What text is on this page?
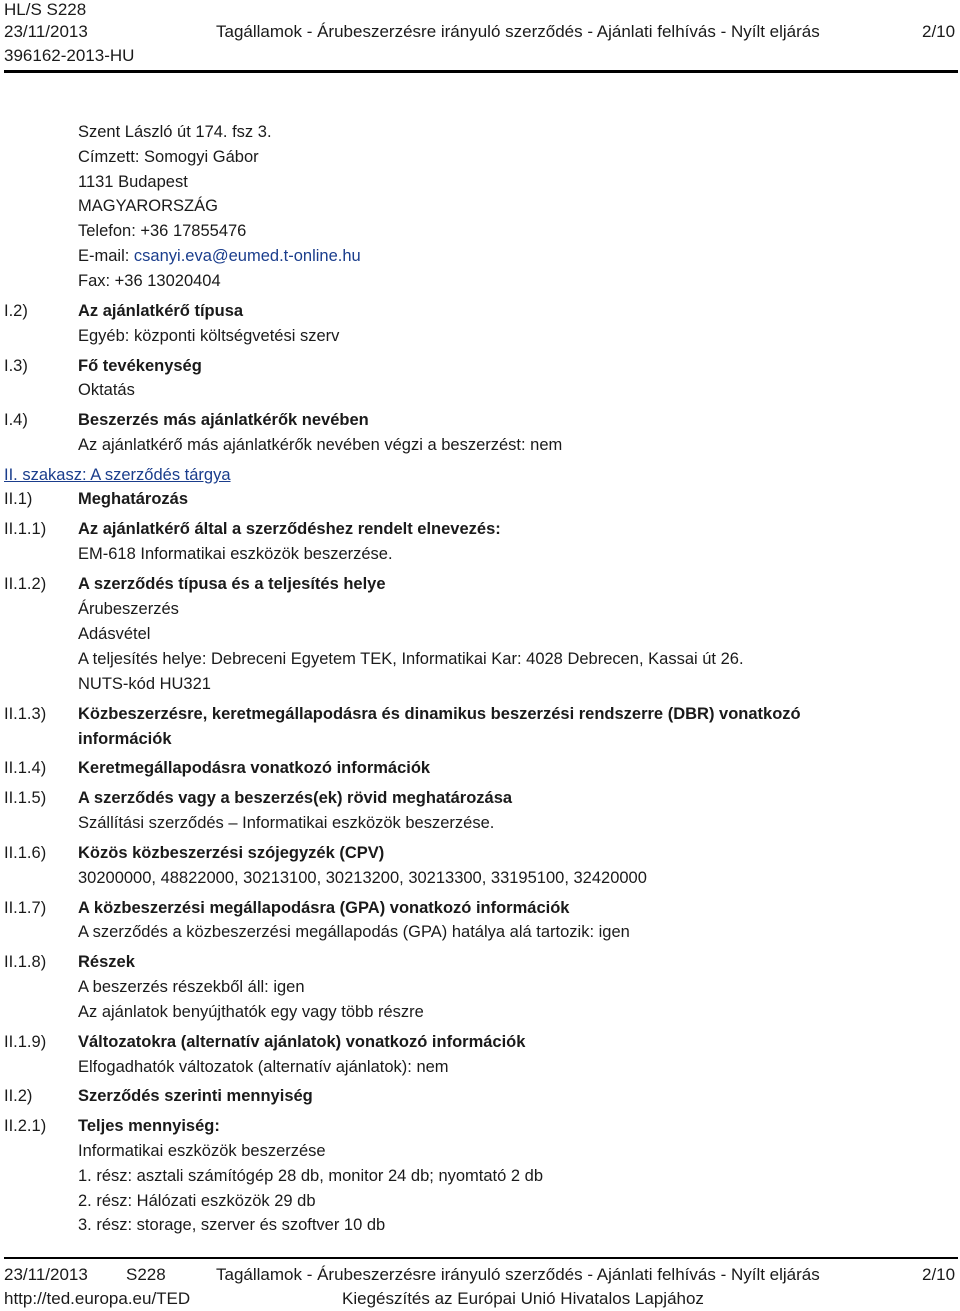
HL/S S228
23/11/2013	Tagállamok - Árubeszerzésre irányuló szerződés - Ajánlati felhívás - Nyílt eljárás	2/10
396162-2013-HU
Szent László út 174. fsz 3.
Címzett: Somogyi Gábor
1131 Budapest
MAGYARORSZÁG
Telefon: +36 17855476
E-mail: csanyi.eva@eumed.t-online.hu
Fax: +36 13020404
I.2)	Az ajánlatkérő típusa
Egyéb: központi költségvetési szerv
I.3)	Fő tevékenység
Oktatás
I.4)	Beszerzés más ajánlatkérők nevében
Az ajánlatkérő más ajánlatkérők nevében végzi a beszerzést: nem
II. szakasz: A szerződés tárgya
II.1)	Meghatározás
II.1.1) Az ajánlatkérő által a szerződéshez rendelt elnevezés:
EM-618 Informatikai eszközök beszerzése.
II.1.2) A szerződés típusa és a teljesítés helye
Árubeszerzés
Adásvétel
A teljesítés helye: Debreceni Egyetem TEK, Informatikai Kar: 4028 Debrecen, Kassai út 26.
NUTS-kód HU321
II.1.3) Közbeszerzésre, keretmegállapodásra és dinamikus beszerzési rendszerre (DBR) vonatkozó
információk
II.1.4) Keretmegállapodásra vonatkozó információk
II.1.5) A szerződés vagy a beszerzés(ek) rövid meghatározása
Szállítási szerződés – Informatikai eszközök beszerzése.
II.1.6) Közös közbeszerzési szójegyzék (CPV)
30200000, 48822000, 30213100, 30213200, 30213300, 33195100, 32420000
II.1.7) A közbeszerzési megállapodásra (GPA) vonatkozó információk
A szerződés a közbeszerzési megállapodás (GPA) hatálya alá tartozik: igen
II.1.8) Részek
A beszerzés részekből áll: igen
Az ajánlatok benyújthatók egy vagy több részre
II.1.9) Változatokra (alternatív ajánlatok) vonatkozó információk
Elfogadhatók változatok (alternatív ajánlatok): nem
II.2)	Szerződés szerinti mennyiség
II.2.1) Teljes mennyiség:
Informatikai eszközök beszerzése
1. rész: asztali számítógép 28 db, monitor 24 db; nyomtató 2 db
2. rész: Hálózati eszközök 29 db
3. rész: storage, szerver és szoftver 10 db
23/11/2013 S228	Tagállamok - Árubeszerzésre irányuló szerződés - Ajánlati felhívás - Nyílt eljárás	2/10
http://ted.europa.eu/TED	Kiegészítés az Európai Unió Hivatalos Lapjához
